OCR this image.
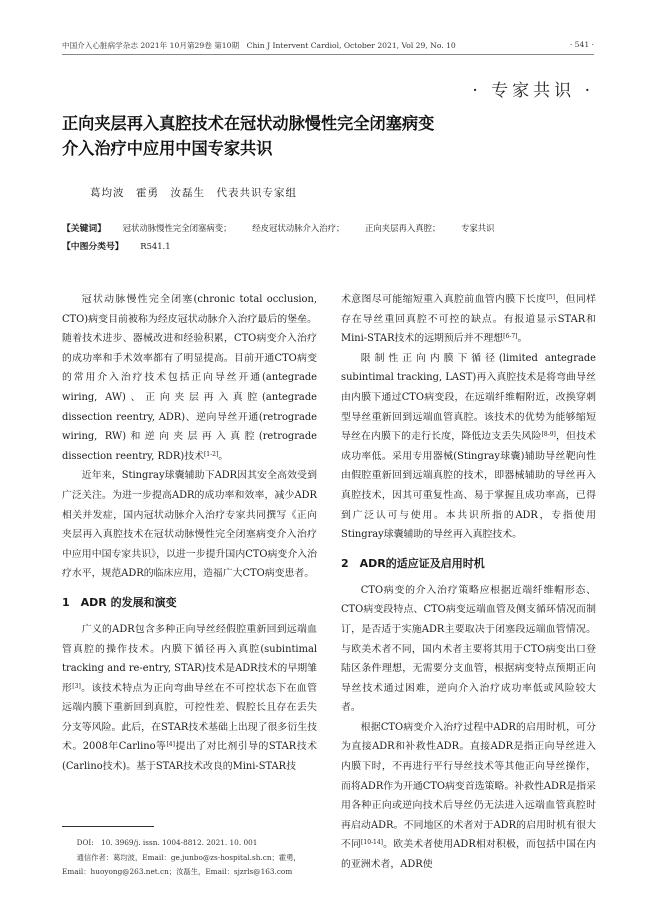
中国介入心脏病学杂志 2021年 10月第29卷 第10期　Chin J Intervent Cardiol, October 2021, Vol 29, No. 10	· 541 ·
· 专家共识 ·
正向夹层再入真腔技术在冠状动脉慢性完全闭塞病变
介入治疗中应用中国专家共识
葛均波　霍勇　汝磊生　代表共识专家组
【关键词】 冠状动脉慢性完全闭塞病变； 经皮冠状动脉介入治疗； 正向夹层再入真腔； 专家共识
【中图分类号】 R541.1

冠状动脉慢性完全闭塞(chronic total occlusion, CTO)病变目前被称为经皮冠状动脉介入治疗最后的堡垒。随着技术进步、器械改进和经验积累，CTO病变介入治疗的成功率和手术效率都有了明显提高。目前开通CTO病变的常用介入治疗技术包括正向导丝开通(antegrade wiring, AW)、正向夹层再入真腔(antegrade dissection reentry, ADR)、逆向导丝开通(retrograde wiring, RW)和逆向夹层再入真腔(retrograde dissection reentry, RDR)技术[1-2]。

近年来，Stingray球囊辅助下ADR因其安全高效受到广泛关注。为进一步提高ADR的成功率和效率，减少ADR相关并发症，国内冠状动脉介入治疗专家共同撰写《正向夹层再入真腔技术在冠状动脉慢性完全闭塞病变介入治疗中应用中国专家共识》，以进一步提升国内CTO病变介入治疗水平，规范ADR的临床应用，造福广大CTO病变患者。

1　ADR 的发展和演变

广义的ADR包含多种正向导丝经假腔重新回到远端血管真腔的操作技术。内膜下循径再入真腔(subintimal tracking and re-entry, STAR)技术是ADR技术的早期雏形[3]。该技术特点为正向弯曲导丝在不可控状态下在血管远端内膜下重新回到真腔，可控性差、假腔长且存在丢失分支等风险。此后，在STAR技术基础上出现了很多衍生技术。2008年Carlino等[4]提出了对比剂引导的STAR技术(Carlino技术)。基于STAR技术改良的Mini-STAR技

术意图尽可能缩短重入真腔前血管内膜下长度[5]，但同样存在导丝重回真腔不可控的缺点。有报道显示STAR和Mini-STAR技术的远期预后并不理想[6-7]。

限制性正向内膜下循径(limited antegrade subintimal tracking, LAST)再入真腔技术是将弯曲导丝由内膜下通过CTO病变段，在远端纤维帽附近，改换穿刺型导丝重新回到远端血管真腔。该技术的优势为能够缩短导丝在内膜下的走行长度，降低边支丢失风险[8-9]，但技术成功率低。采用专用器械(Stingray球囊)辅助导丝靶向性由假腔重新回到远端真腔的技术，即器械辅助的导丝再入真腔技术，因其可重复性高、易于掌握且成功率高，已得到广泛认可与使用。本共识所指的ADR，专指使用Stingray球囊辅助的导丝再入真腔技术。

2　ADR的适应证及启用时机

CTO病变的介入治疗策略应根据近端纤维帽形态、CTO病变段特点、CTO病变远端血管及侧支循环情况而制订，是否适于实施ADR主要取决于闭塞段远端血管情况。与欧美术者不同，国内术者主要将其用于CTO病变出口登陆区条件理想，无需要分支血管，根据病变特点预期正向导丝技术通过困难，逆向介入治疗成功率低或风险较大者。

根据CTO病变介入治疗过程中ADR的启用时机，可分为直接ADR和补救性ADR。直接ADR是指正向导丝进入内膜下时，不再进行平行导丝技术等其他正向导丝操作，而将ADR作为开通CTO病变首选策略。补救性ADR是指采用各种正向或逆向技术后导丝仍无法进入远端血管真腔时再启动ADR。不同地区的术者对于ADR的启用时机有很大不同[10-14]。欧美术者使用ADR相对积极，而包括中国在内的亚洲术者，ADR使

DOI:　10. 3969/j. issn. 1004-8812. 2021. 10. 001
通信作者：葛均波，Email：ge.junbo@zs-hospital.sh.cn；霍勇，
Email：huoyong@263.net.cn；汝磊生，Email：sjzrls@163.com
